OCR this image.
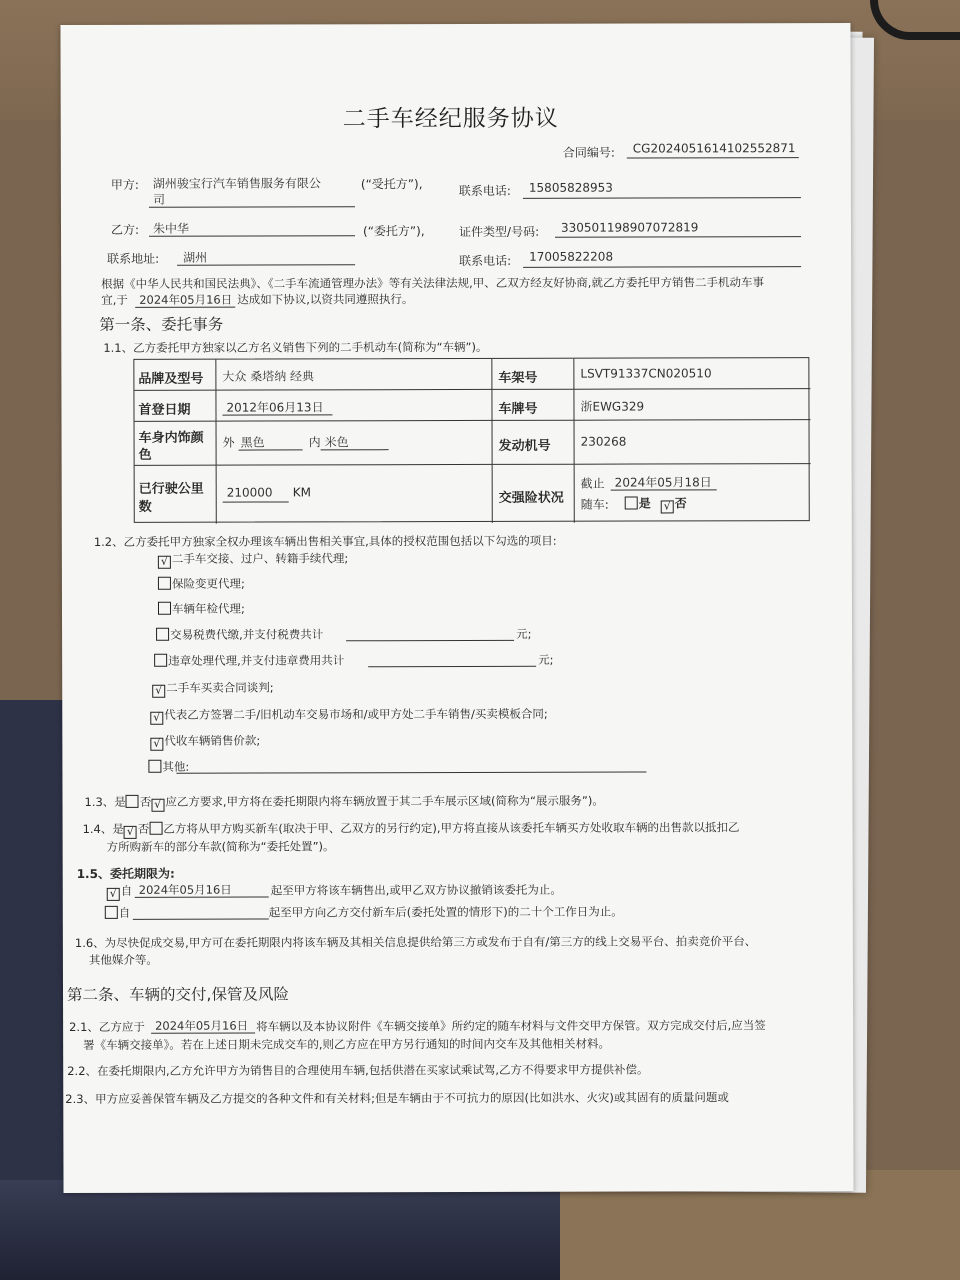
二手车经纪服务协议
合同编号: CG2024051614102552871
甲方: 湖州骏宝行汽车销售服务有限公
司
(“受托方”),	联系电话: 15805828953
乙方: 朱中华	(“委托方”),	证件类型/号码: 330501198907072819
联系地址: 湖州	联系电话: 17005822208
根据《中华人民共和国民法典》、《二手车流通管理办法》等有关法律法规,甲、乙双方经友好协商,就乙方委托甲方销售二手机动车事
宜,于 2024年05月16日 达成如下协议,以资共同遵照执行。
第一条、委托事务
1.1、乙方委托甲方独家以乙方名义销售下列的二手机动车(简称为“车辆”)。
品牌及型号 大众 桑塔纳 经典	车架号	LSVT91337CN020510
首登日期	2012年06月13日	车牌号	浙EWG329
车身内饰颜
色
外 黑色	内 米色	发动机号 230268
已行驶公里
数
210000 KM	交强险状况
截止 2024年05月18日
随车:	是 √ 否
1.2、乙方委托甲方独家全权办理该车辆出售相关事宜,具体的授权范围包括以下勾选的项目:
√ 二手车交接、过户、转籍手续代理;
保险变更代理;
车辆年检代理;
交易税费代缴,并支付税费共计	元;
违章处理代理,并支付违章费用共计	元;
√ 二手车买卖合同谈判;
√ 代表乙方签署二手/旧机动车交易市场和/或甲方处二手车销售/买卖模板合同;
√ 代收车辆销售价款;
其他:
1.3、是 否 √ 应乙方要求,甲方将在委托期限内将车辆放置于其二手车展示区域(简称为“展示服务”)。
1.4、是 √ 否 乙方将从甲方购买新车(取决于甲、乙双方的另行约定),甲方将直接从该委托车辆买方处收取车辆的出售款以抵扣乙
方所购新车的部分车款(简称为“委托处置”)。
1.5、委托期限为:
√ 自 2024年05月16日	起至甲方将该车辆售出,或甲乙双方协议撤销该委托为止。
自	起至甲方向乙方交付新车后(委托处置的情形下)的二十个工作日为止。
1.6、为尽快促成交易,甲方可在委托期限内将该车辆及其相关信息提供给第三方或发布于自有/第三方的线上交易平台、拍卖竞价平台、
其他媒介等。
第二条、车辆的交付,保管及风险
2.1、乙方应于 2024年05月16日 将车辆以及本协议附件《车辆交接单》所约定的随车材料与文件交甲方保管。双方完成交付后,应当签
署《车辆交接单》。若在上述日期未完成交车的,则乙方应在甲方另行通知的时间内交车及其他相关材料。
2.2、在委托期限内,乙方允许甲方为销售目的合理使用车辆,包括供潜在买家试乘试驾,乙方不得要求甲方提供补偿。
2.3、甲方应妥善保管车辆及乙方提交的各种文件和有关材料;但是车辆由于不可抗力的原因(比如洪水、火灾)或其固有的质量问题或
